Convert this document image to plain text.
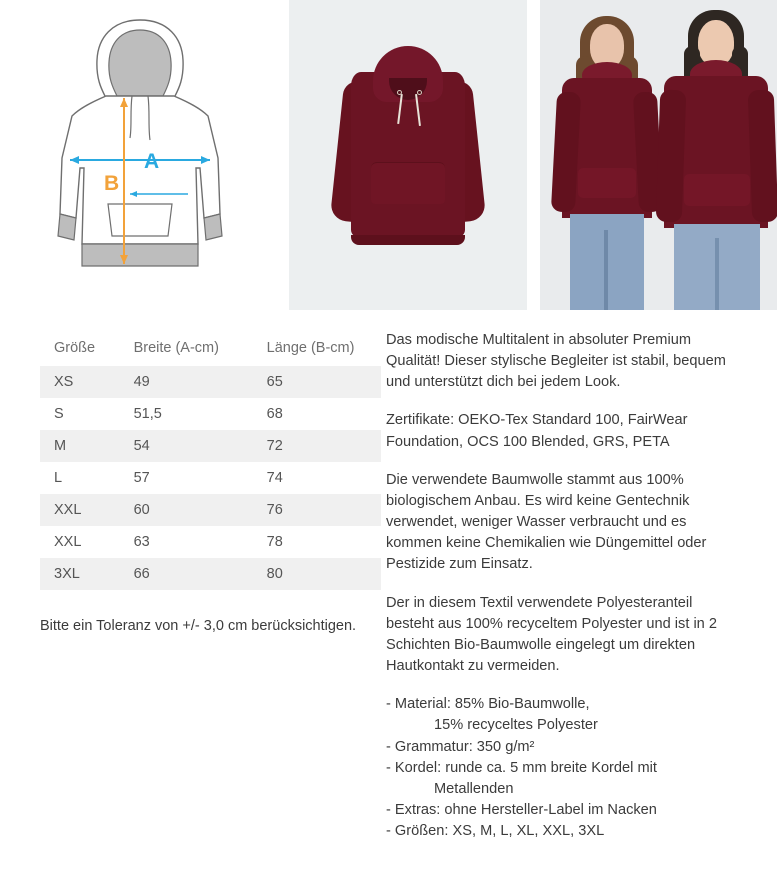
A
B
Größe	Breite (A-cm)	Länge (B-cm)
XS	49	65
S	51,5	68
M	54	72
L	57	74
XXL	60	76
XXL	63	78
3XL	66	80
Bitte ein Toleranz von +/- 3,0 cm berücksichtigen.

Das modische Multitalent in absoluter Premium Qualität! Dieser stylische Begleiter ist stabil, bequem und unterstützt dich bei jedem Look.

Zertifikate: OEKO-Tex Standard 100, FairWear Foundation, OCS 100 Blended, GRS, PETA

Die verwendete Baumwolle stammt aus 100% biologischem Anbau. Es wird keine Gentechnik verwendet, weniger Wasser verbraucht und es kommen keine Chemikalien wie Düngemittel oder Pestizide zum Einsatz.

Der in diesem Textil verwendete Polyesteranteil besteht aus 100% recyceltem Polyester und ist in 2 Schichten Bio-Baumwolle eingelegt um direkten Hautkontakt zu vermeiden.

- Material: 85% Bio-Baumwolle,
15% recyceltes Polyester
- Grammatur: 350 g/m²
- Kordel: runde ca. 5 mm breite Kordel mit
Metallenden
- Extras: ohne Hersteller-Label im Nacken
- Größen: XS, M, L, XL, XXL, 3XL
